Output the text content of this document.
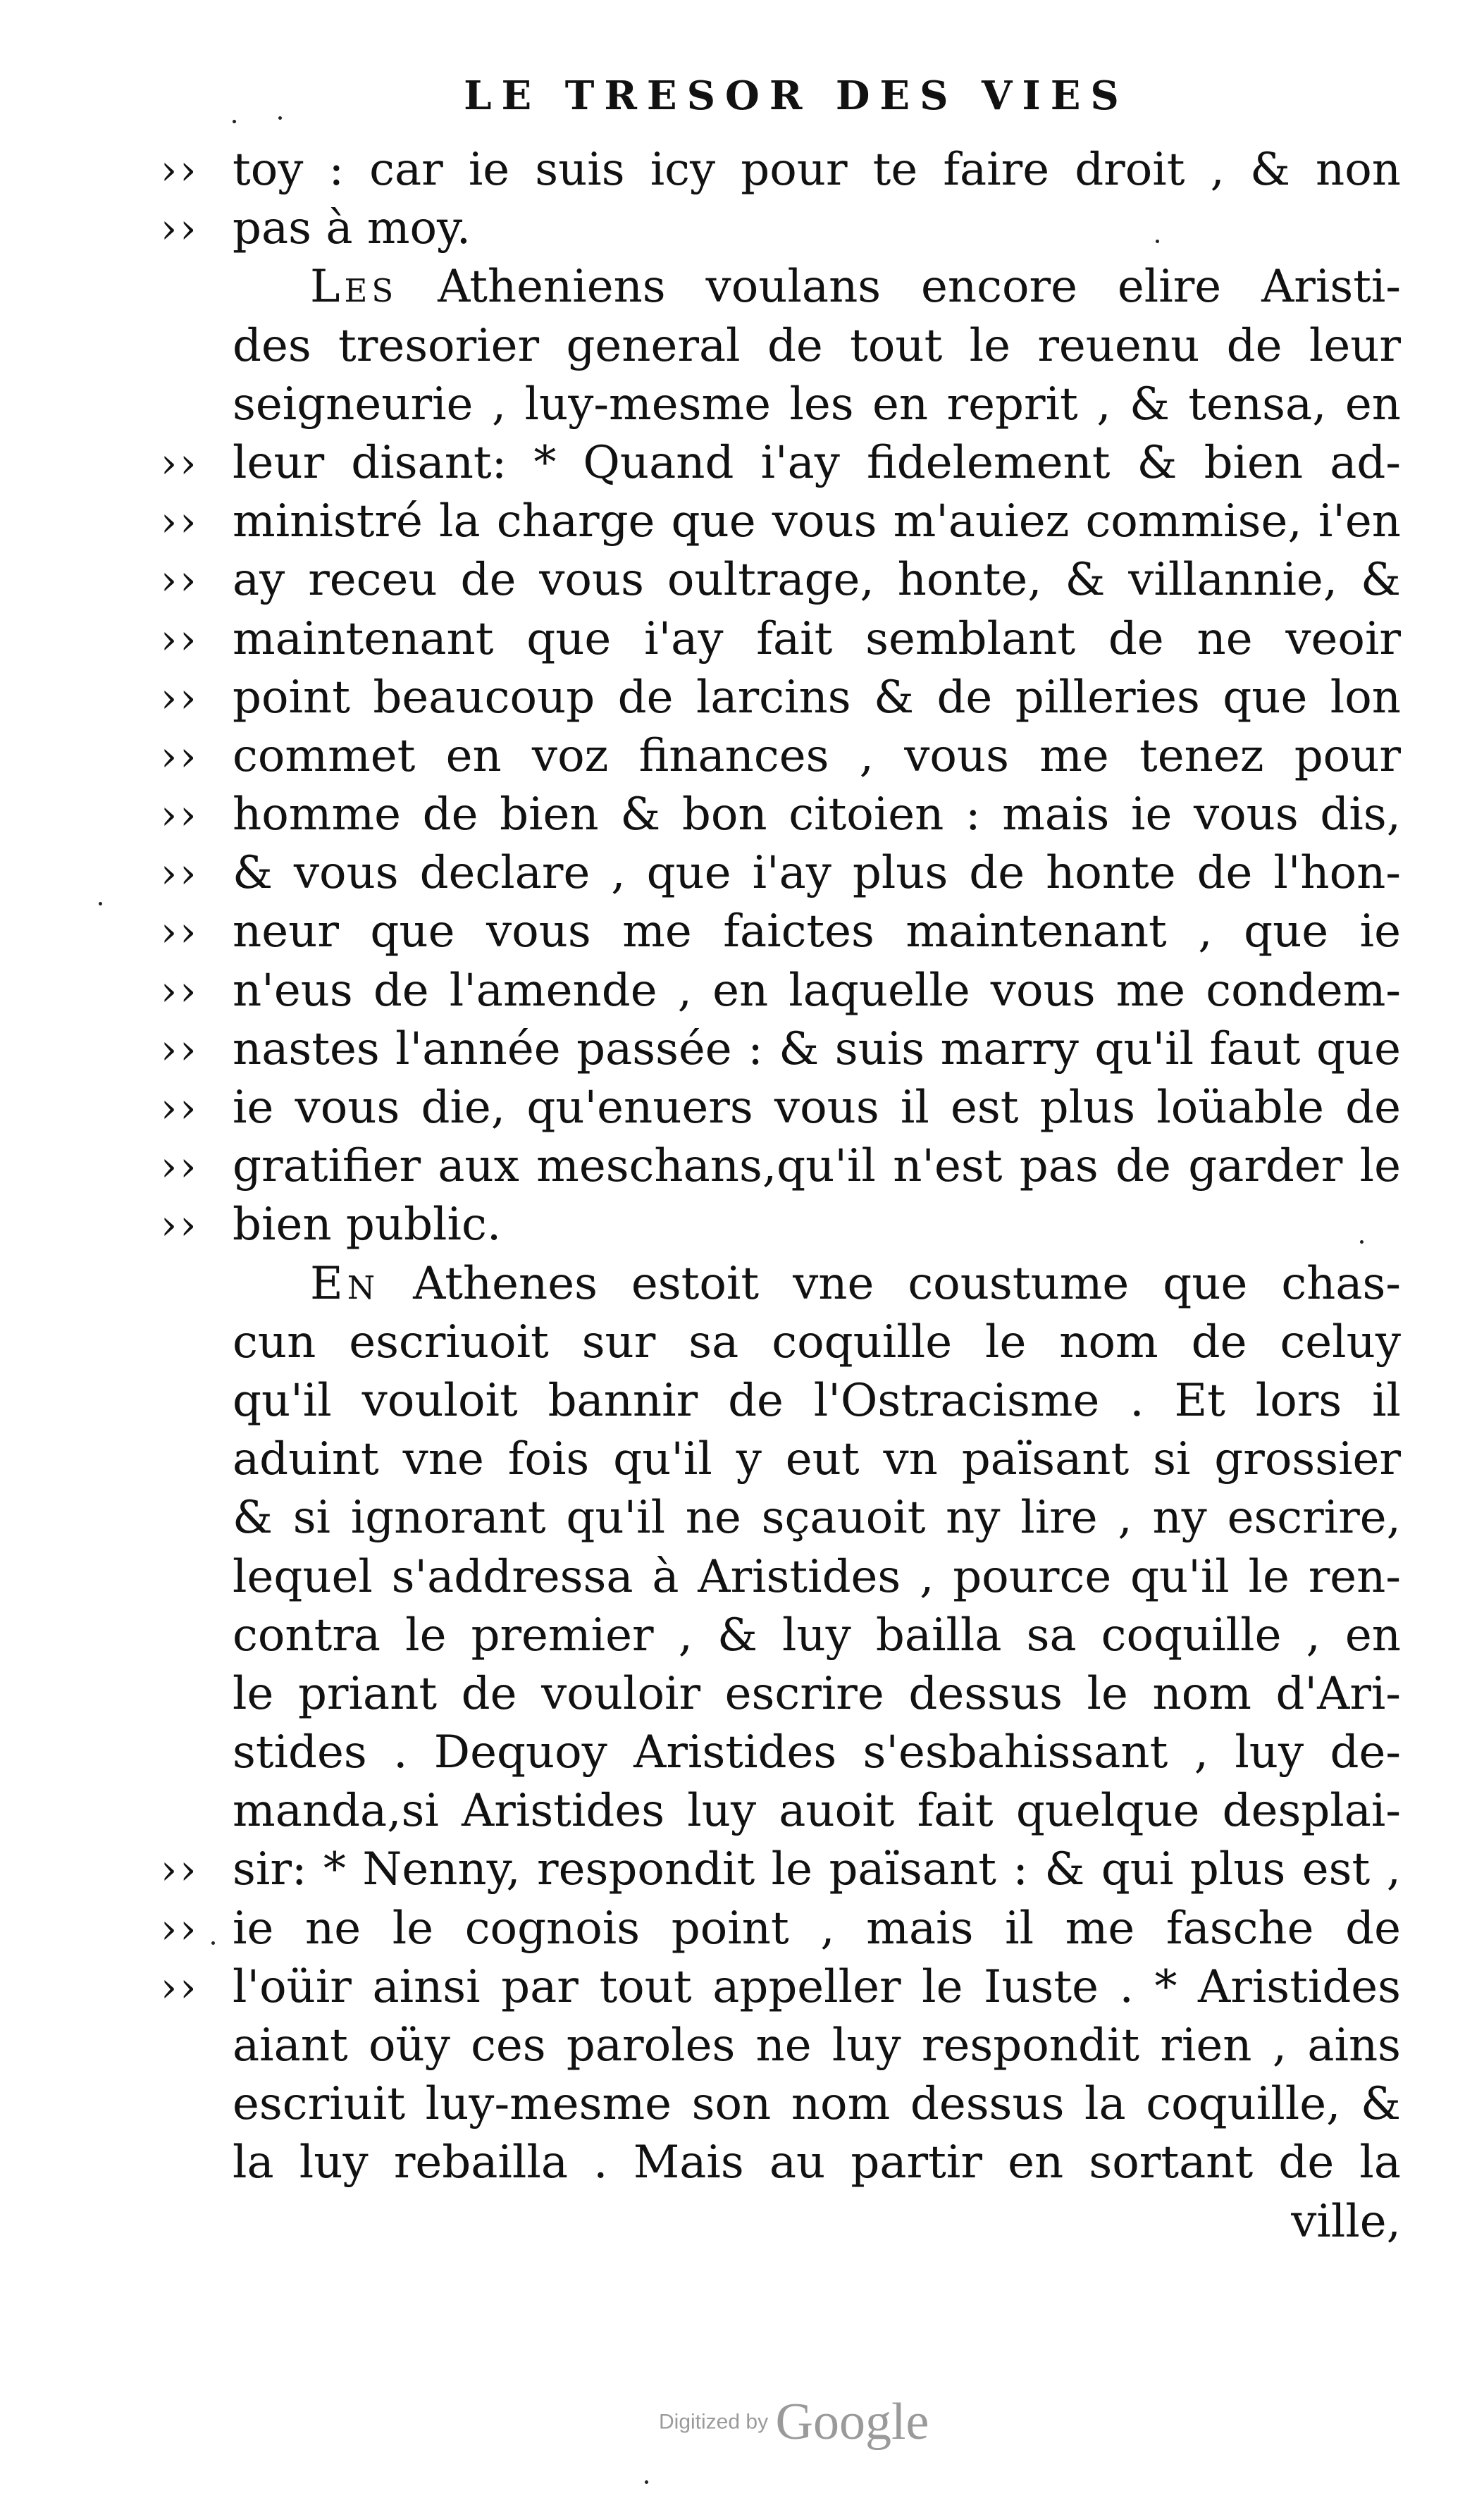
LE TRESOR DES VIES
›› toy : car ie suis icy pour te faire droit , & non
›› pas à moy.
Les Atheniens voulans encore elire Aristi-
des tresorier general de tout le reuenu de leur
seigneurie , luy-mesme les en reprit , & tensa, en
›› leur disant: * Quand i'ay fidelement & bien ad-
›› ministré la charge que vous m'auiez commise, i'en
›› ay receu de vous oultrage, honte, & villannie, &
›› maintenant que i'ay fait semblant de ne veoir
›› point beaucoup de larcins & de pilleries que lon
›› commet en voz finances , vous me tenez pour
›› homme de bien & bon citoien : mais ie vous dis,
›› & vous declare , que i'ay plus de honte de l'hon-
›› neur que vous me faictes maintenant , que ie
›› n'eus de l'amende , en laquelle vous me condem-
›› nastes l'année passée : & suis marry qu'il faut que
›› ie vous die, qu'enuers vous il est plus loüable de
›› gratifier aux meschans,qu'il n'est pas de garder le
›› bien public.
En Athenes estoit vne coustume que chas-
cun escriuoit sur sa coquille le nom de celuy
qu'il vouloit bannir de l'Ostracisme . Et lors il
aduint vne fois qu'il y eut vn païsant si grossier
& si ignorant qu'il ne sçauoit ny lire , ny escrire,
lequel s'addressa à Aristides , pource qu'il le ren-
contra le premier , & luy bailla sa coquille , en
le priant de vouloir escrire dessus le nom d'Ari-
stides . Dequoy Aristides s'esbahissant , luy de-
manda,si Aristides luy auoit fait quelque desplai-
›› sir: * Nenny, respondit le païsant : & qui plus est ,
›› ie ne le cognois point , mais il me fasche de
›› l'oüir ainsi par tout appeller le Iuste . * Aristides
aiant oüy ces paroles ne luy respondit rien , ains
escriuit luy-mesme son nom dessus la coquille, &
la luy rebailla . Mais au partir en sortant de la
ville,
Digitized by Google
